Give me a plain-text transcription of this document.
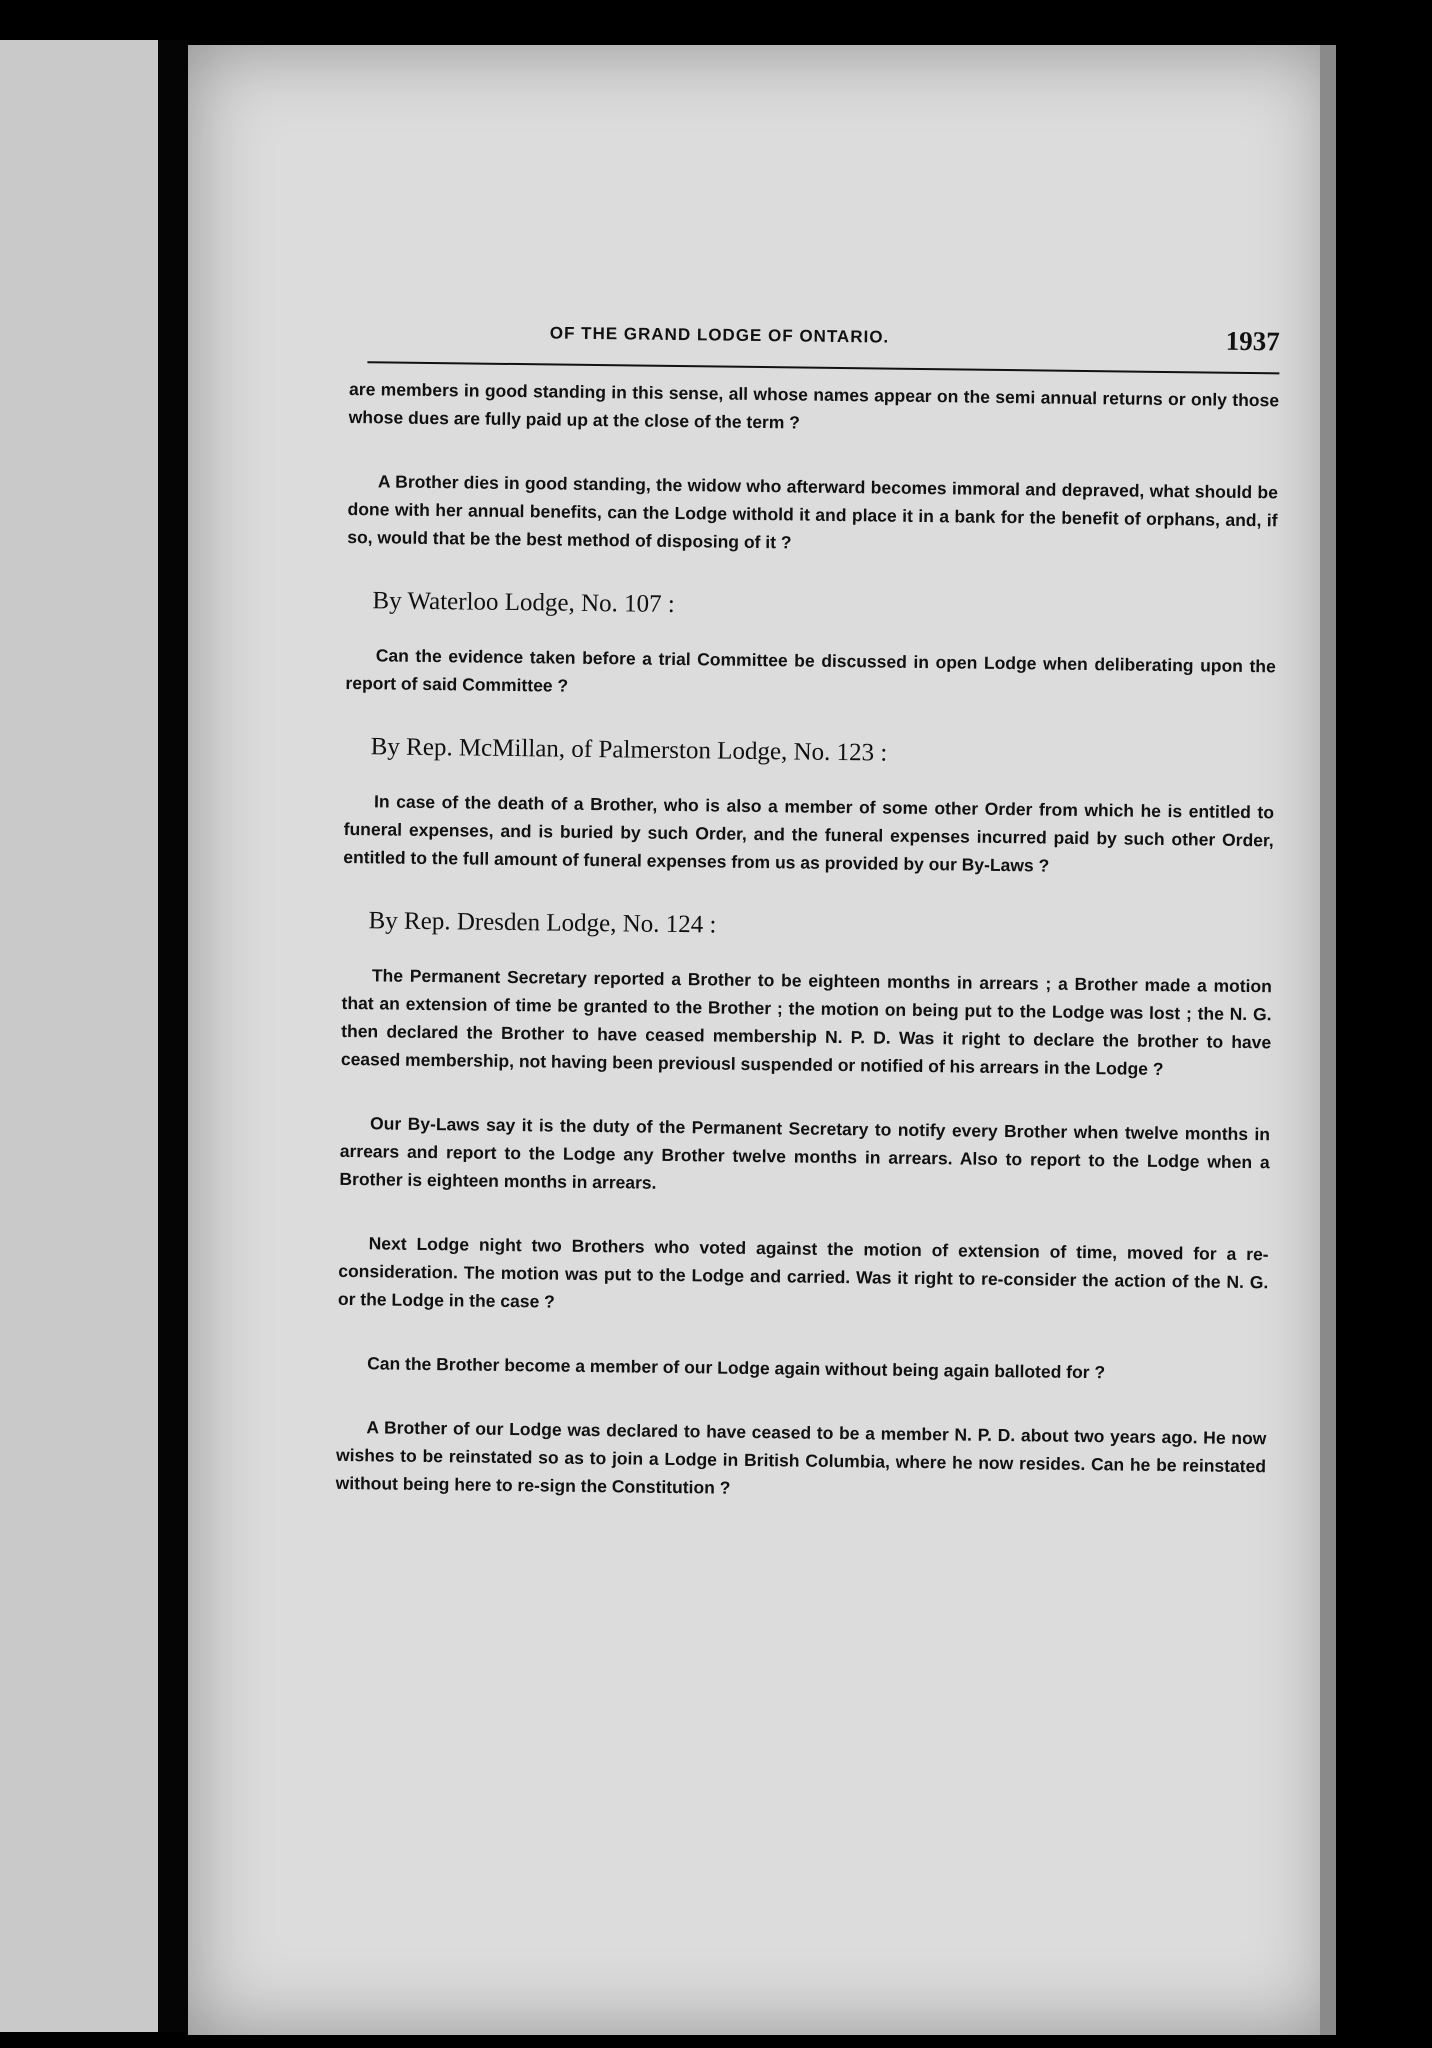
OF THE GRAND LODGE OF ONTARIO.	1937

are members in good standing in this sense, all whose names appear on the semi annual returns or only those whose dues are fully paid up at the close of the term ?

A Brother dies in good standing, the widow who afterward becomes immoral and depraved, what should be done with her annual benefits, can the Lodge withold it and place it in a bank for the benefit of orphans, and, if so, would that be the best method of disposing of it ?

By Waterloo Lodge, No. 107 :

Can the evidence taken before a trial Committee be discussed in open Lodge when deliberating upon the report of said Committee ?

By Rep. McMillan, of Palmerston Lodge, No. 123 :

In case of the death of a Brother, who is also a member of some other Order from which he is entitled to funeral expenses, and is buried by such Order, and the funeral expenses incurred paid by such other Order, entitled to the full amount of funeral expenses from us as provided by our By-Laws ?

By Rep. Dresden Lodge, No. 124 :

The Permanent Secretary reported a Brother to be eighteen months in arrears ; a Brother made a motion that an extension of time be granted to the Brother ; the motion on being put to the Lodge was lost ; the N. G. then declared the Brother to have ceased membership N. P. D. Was it right to declare the brother to have ceased membership, not having been previousl suspended or notified of his arrears in the Lodge ?

Our By-Laws say it is the duty of the Permanent Secretary to notify every Brother when twelve months in arrears and report to the Lodge any Brother twelve months in arrears. Also to report to the Lodge when a Brother is eighteen months in arrears.

Next Lodge night two Brothers who voted against the motion of extension of time, moved for a re-consideration. The motion was put to the Lodge and carried. Was it right to re-consider the action of the N. G. or the Lodge in the case ?

Can the Brother become a member of our Lodge again without being again balloted for ?

A Brother of our Lodge was declared to have ceased to be a member N. P. D. about two years ago. He now wishes to be reinstated so as to join a Lodge in British Columbia, where he now resides. Can he be reinstated without being here to re-sign the Constitution ?
